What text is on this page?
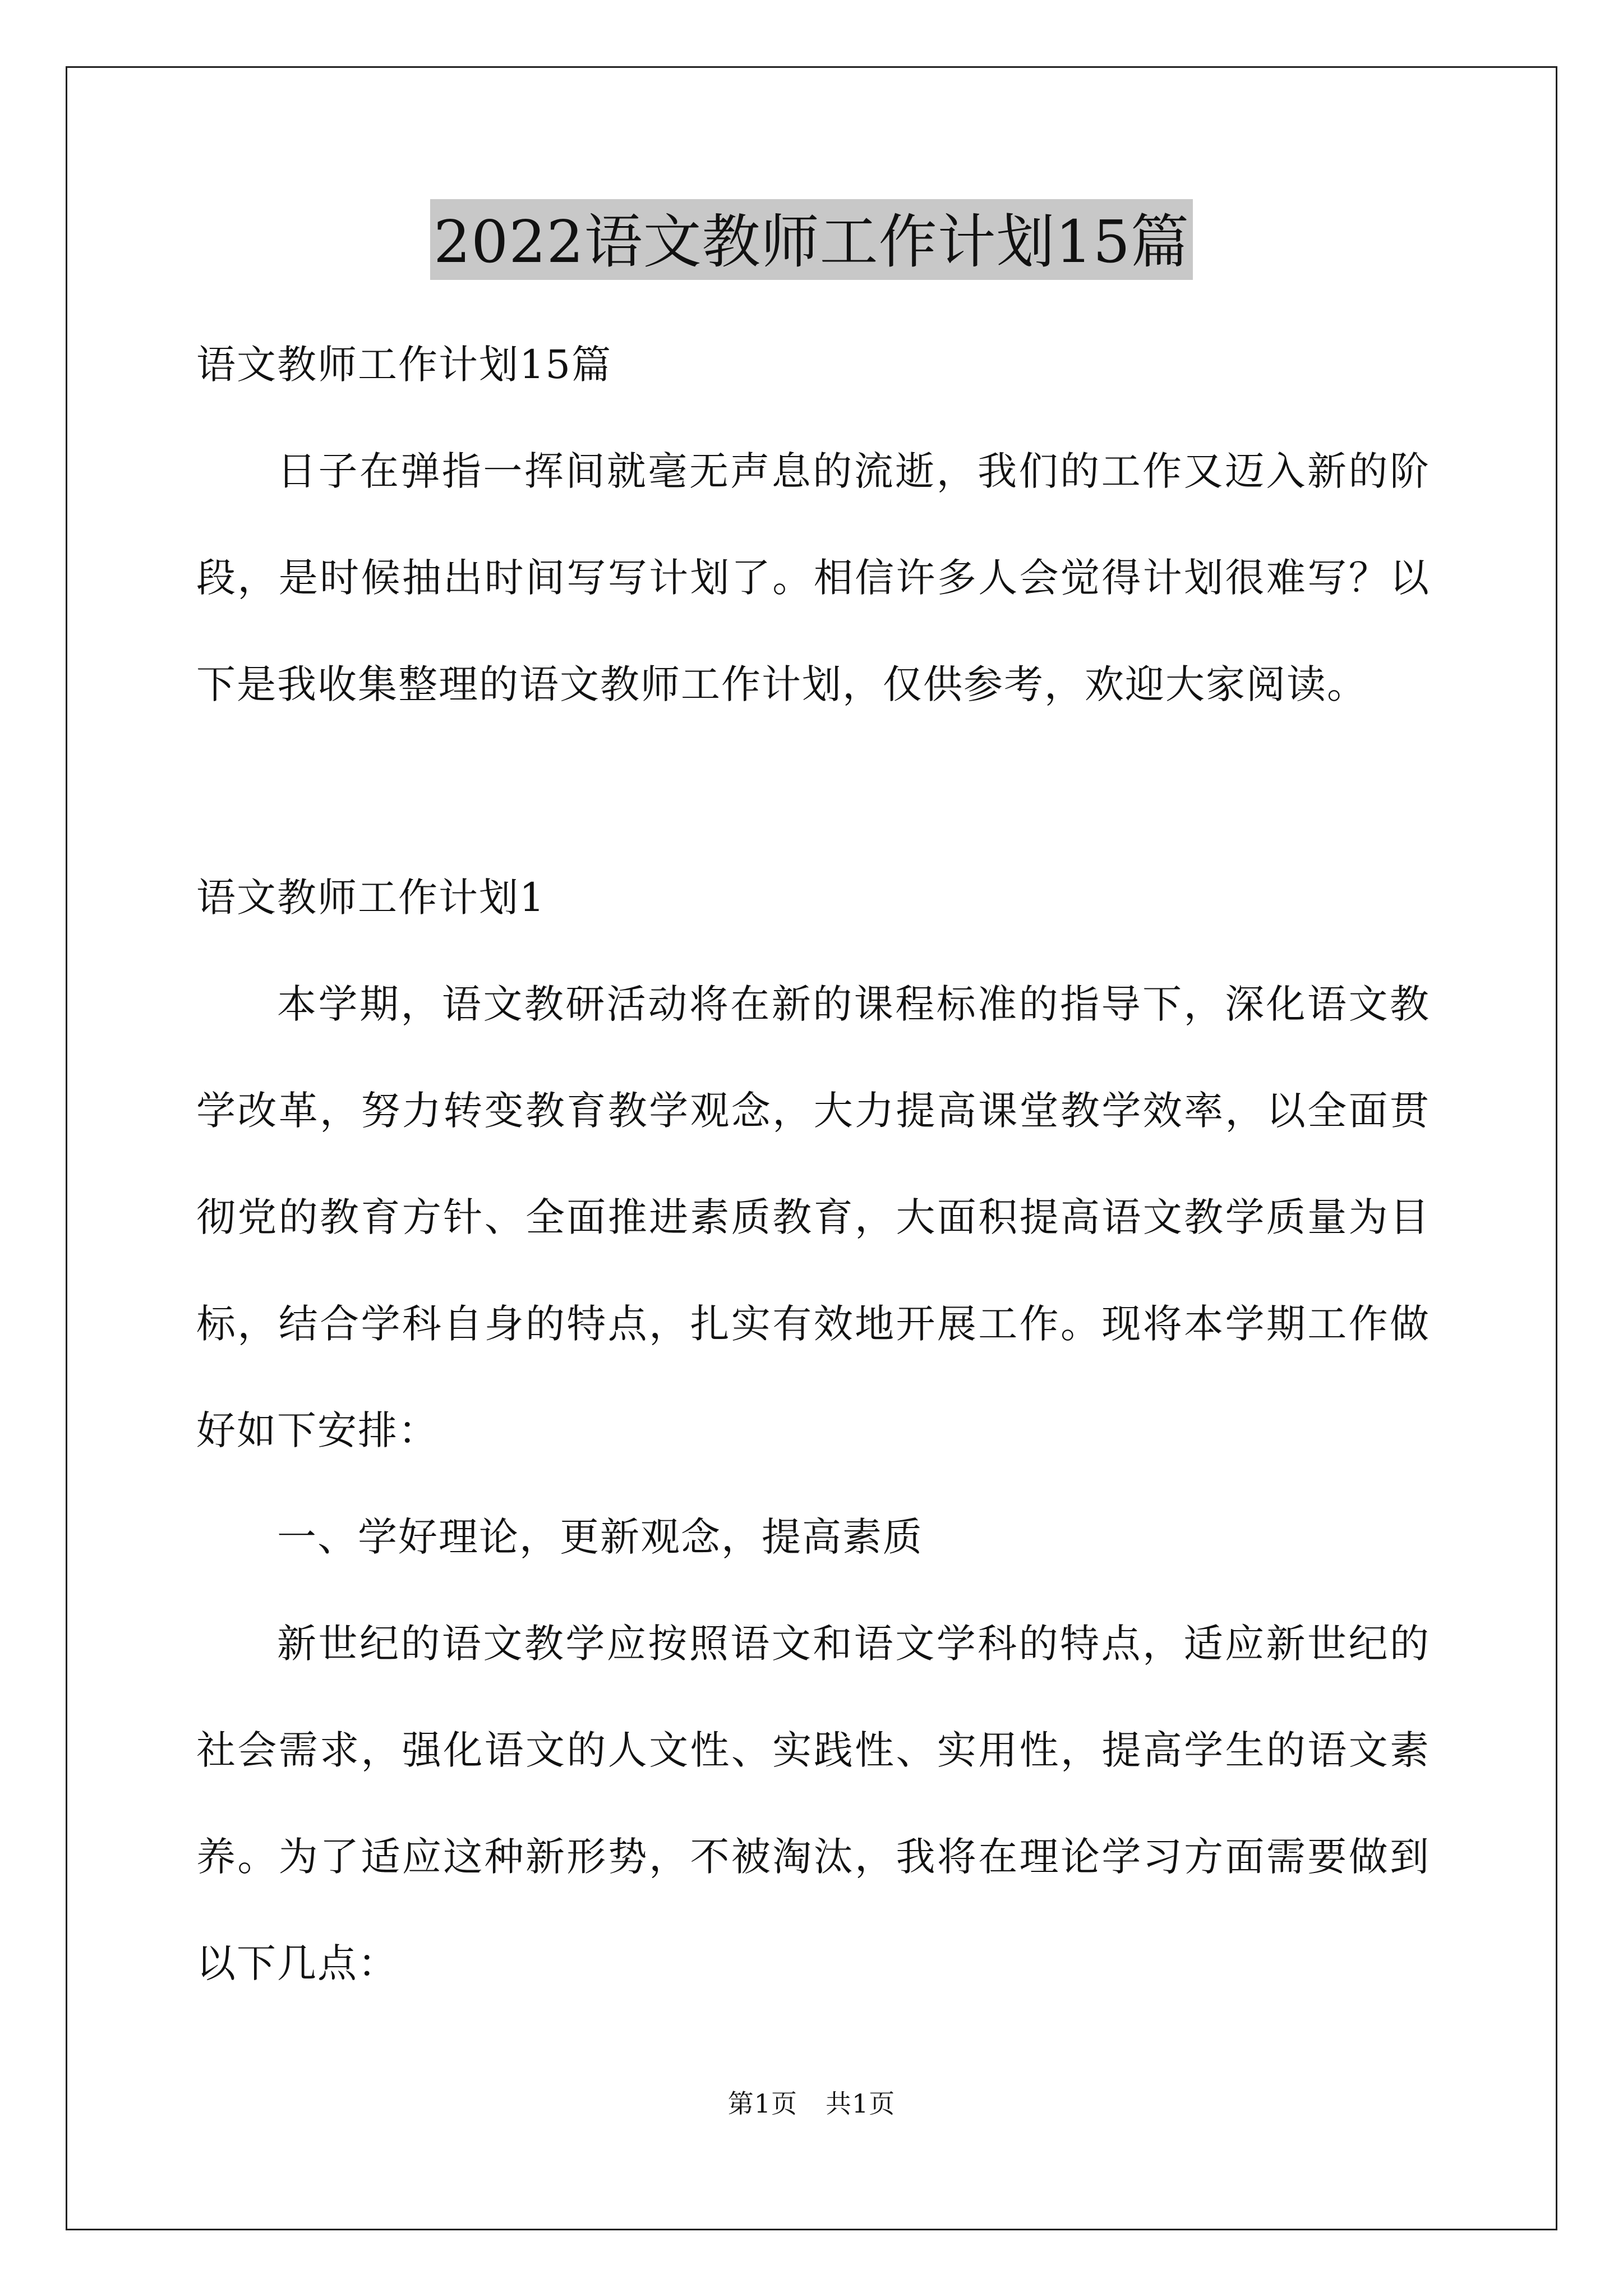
2022语文教师工作计划15篇

语文教师工作计划15篇

日子在弹指一挥间就毫无声息的流逝，我们的工作又迈入新的阶段，是时候抽出时间写写计划了。相信许多人会觉得计划很难写？以下是我收集整理的语文教师工作计划，仅供参考，欢迎大家阅读。

语文教师工作计划1

本学期，语文教研活动将在新的课程标准的指导下，深化语文教学改革，努力转变教育教学观念，大力提高课堂教学效率，以全面贯彻党的教育方针、全面推进素质教育，大面积提高语文教学质量为目标，结合学科自身的特点，扎实有效地开展工作。现将本学期工作做好如下安排：

一、学好理论，更新观念，提高素质

新世纪的语文教学应按照语文和语文学科的特点，适应新世纪的社会需求，强化语文的人文性、实践性、实用性，提高学生的语文素养。为了适应这种新形势，不被淘汰，我将在理论学习方面需要做到以下几点：

第1页 共1页
